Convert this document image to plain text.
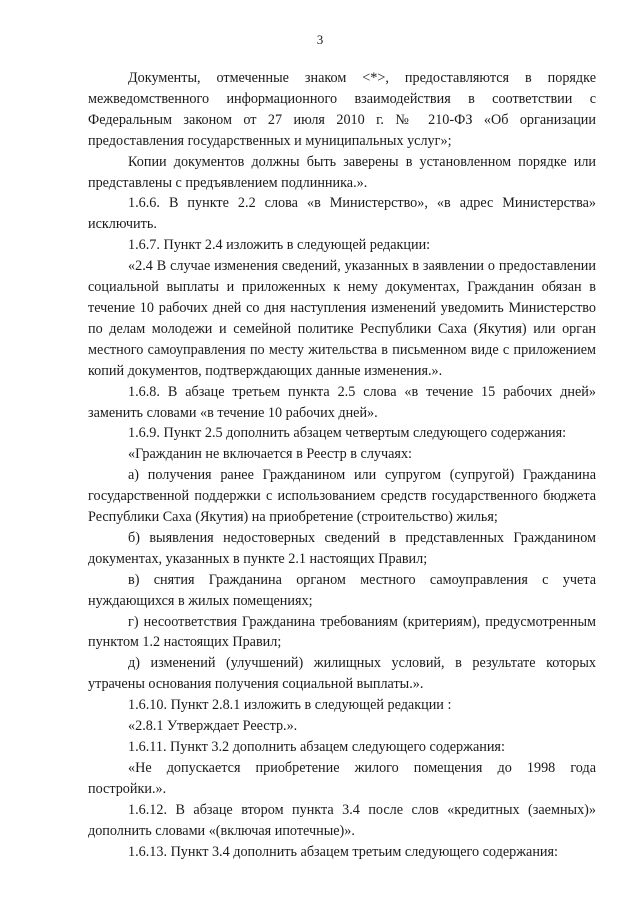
3

Документы, отмеченные знаком <*>, предоставляются в порядке межведомственного информационного взаимодействия в соответствии с Федеральным законом от 27 июля 2010 г. № 210-ФЗ «Об организации предоставления государственных и муниципальных услуг»;

Копии документов должны быть заверены в установленном порядке или представлены с предъявлением подлинника.».

1.6.6. В пункте 2.2 слова «в Министерство», «в адрес Министерства» исключить.

1.6.7. Пункт 2.4 изложить в следующей редакции:

«2.4 В случае изменения сведений, указанных в заявлении о предоставлении социальной выплаты и приложенных к нему документах, Гражданин обязан в течение 10 рабочих дней со дня наступления изменений уведомить Министерство по делам молодежи и семейной политике Республики Саха (Якутия) или орган местного самоуправления по месту жительства в письменном виде с приложением копий документов, подтверждающих данные изменения.».

1.6.8. В абзаце третьем пункта 2.5 слова «в течение 15 рабочих дней» заменить словами «в течение 10 рабочих дней».

1.6.9. Пункт 2.5 дополнить абзацем четвертым следующего содержания:

«Гражданин не включается в Реестр в случаях:

а) получения ранее Гражданином или супругом (супругой) Гражданина государственной поддержки с использованием средств государственного бюджета Республики Саха (Якутия) на приобретение (строительство) жилья;

б) выявления недостоверных сведений в представленных Гражданином документах, указанных в пункте 2.1 настоящих Правил;

в) снятия Гражданина органом местного самоуправления с учета нуждающихся в жилых помещениях;

г) несоответствия Гражданина требованиям (критериям), предусмотренным пунктом 1.2 настоящих Правил;

д) изменений (улучшений) жилищных условий, в результате которых утрачены основания получения социальной выплаты.».

1.6.10. Пункт 2.8.1 изложить в следующей редакции :

«2.8.1 Утверждает Реестр.».

1.6.11. Пункт 3.2 дополнить абзацем следующего содержания:

«Не допускается приобретение жилого помещения до 1998 года постройки.».

1.6.12. В абзаце втором пункта 3.4 после слов «кредитных (заемных)» дополнить словами «(включая ипотечные)».

1.6.13. Пункт 3.4 дополнить абзацем третьим следующего содержания:
